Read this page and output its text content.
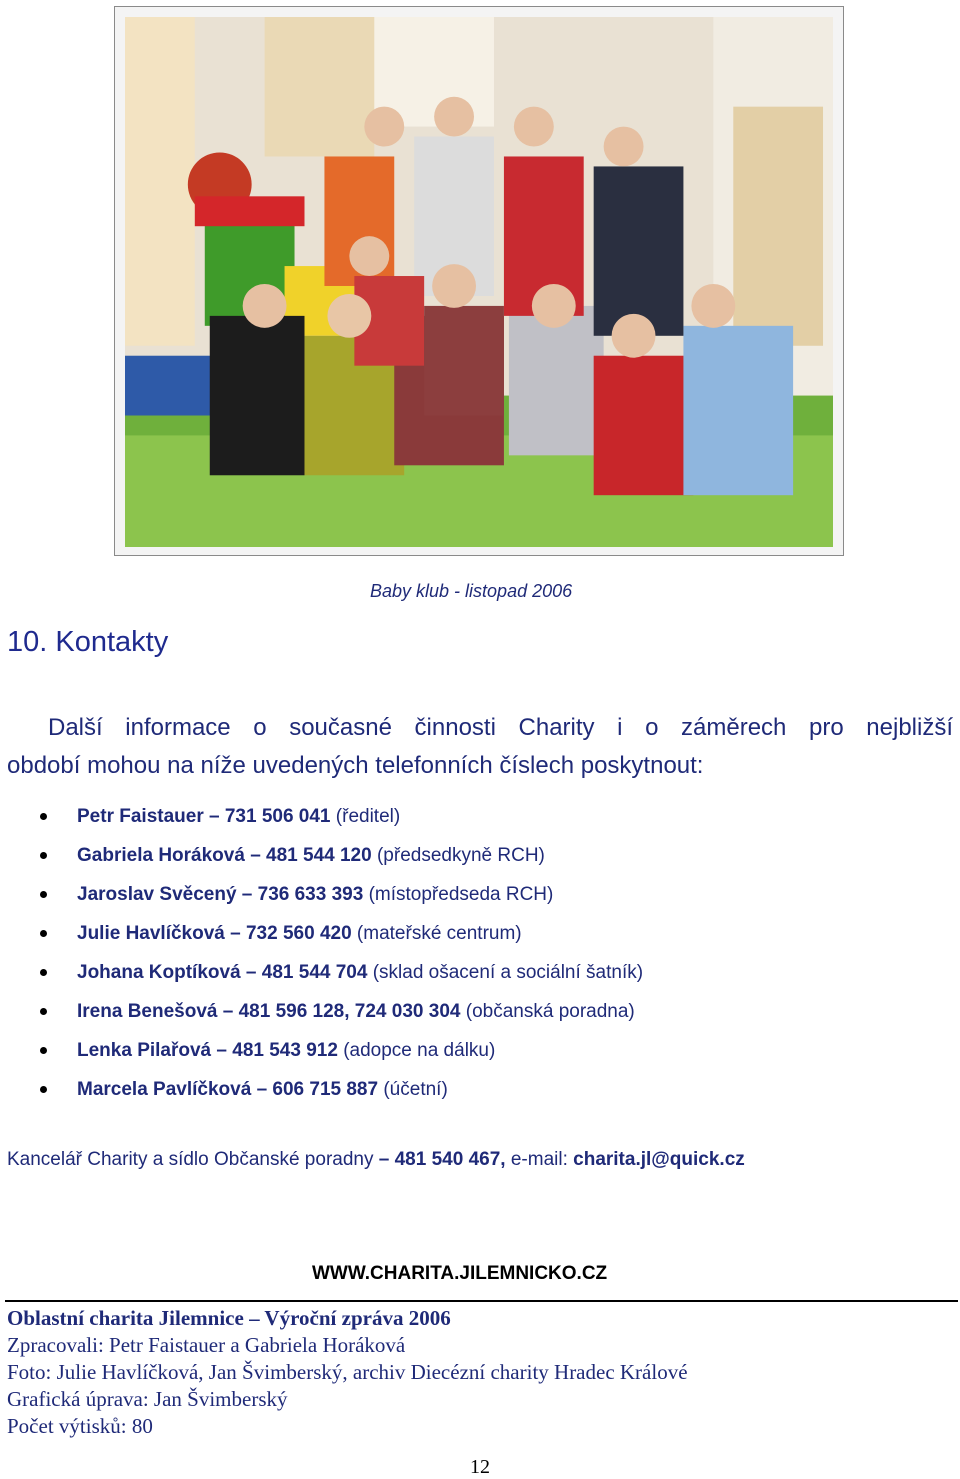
Baby klub - listopad 2006
10. Kontakty
Další informace o současné činnosti Charity i o záměrech pro nejbližší
období mohou na níže uvedených telefonních číslech poskytnout:
Petr Faistauer – 731 506 041 (ředitel)
Gabriela Horáková – 481 544 120 (předsedkyně RCH)
Jaroslav Svěcený – 736 633 393 (místopředseda RCH)
Julie Havlíčková – 732 560 420 (mateřské centrum)
Johana Koptíková – 481 544 704 (sklad ošacení a sociální šatník)
Irena Benešová – 481 596 128, 724 030 304 (občanská poradna)
Lenka Pilařová – 481 543 912 (adopce na dálku)
Marcela Pavlíčková – 606 715 887 (účetní)
Kancelář Charity a sídlo Občanské poradny – 481 540 467, e-mail: charita.jl@quick.cz
WWW.CHARITA.JILEMNICKO.CZ
Oblastní charita Jilemnice – Výroční zpráva 2006
Zpracovali: Petr Faistauer a Gabriela Horáková
Foto: Julie Havlíčková, Jan Švimberský, archiv Diecézní charity Hradec Králové
Grafická úprava: Jan Švimberský
Počet výtisků: 80
12
